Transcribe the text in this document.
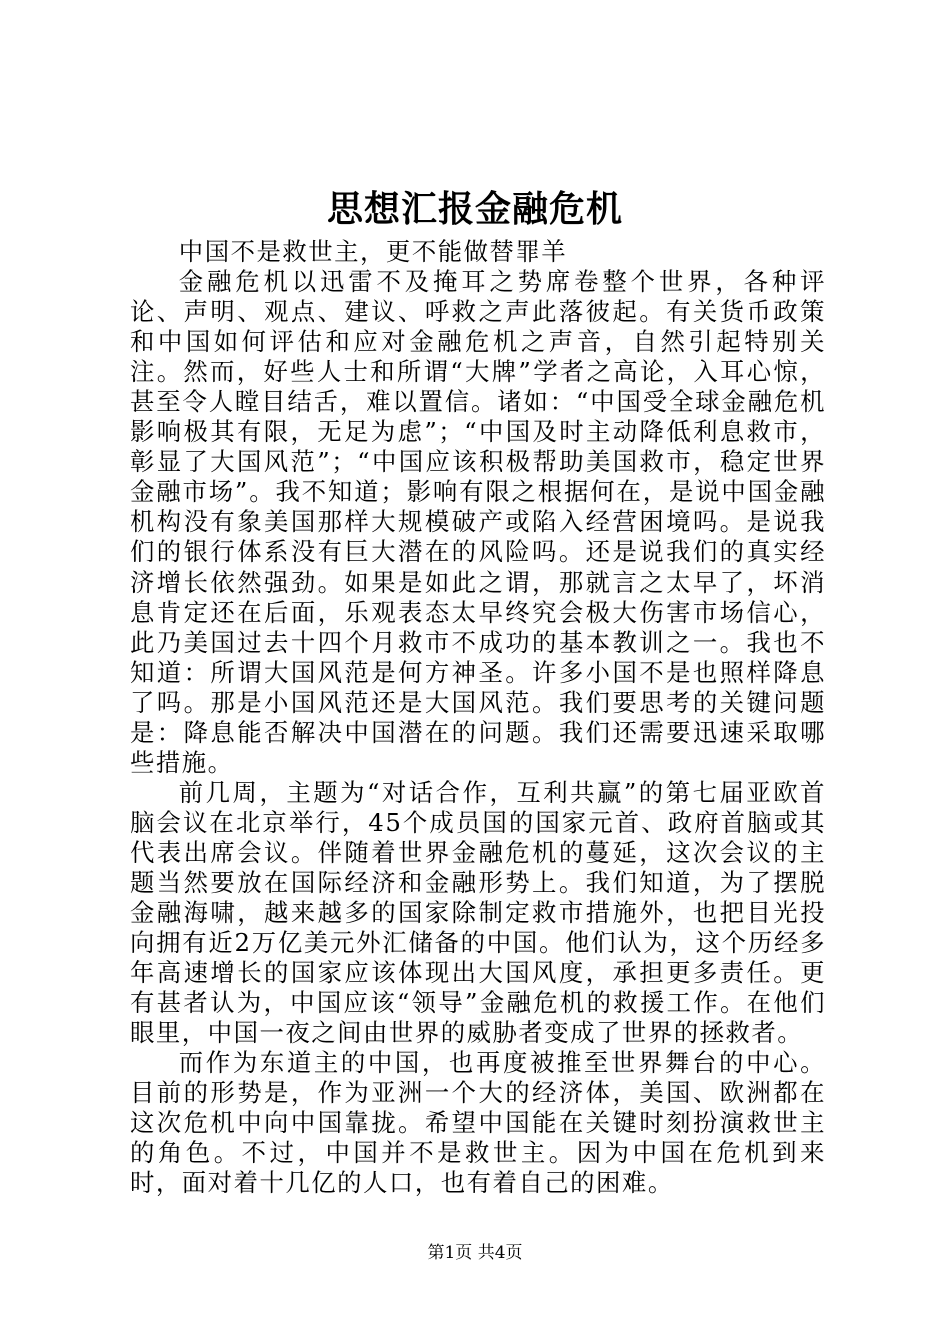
思想汇报金融危机

中国不是救世主，更不能做替罪羊

金融危机以迅雷不及掩耳之势席卷整个世界，各种评论、声明、观点、建议、呼救之声此落彼起。有关货币政策和中国如何评估和应对金融危机之声音，自然引起特别关注。然而，好些人士和所谓“大牌”学者之高论，入耳心惊，甚至令人瞠目结舌，难以置信。诸如：“中国受全球金融危机影响极其有限，无足为虑”；“中国及时主动降低利息救市，彰显了大国风范”；“中国应该积极帮助美国救市，稳定世界金融市场”。我不知道；影响有限之根据何在，是说中国金融机构没有象美国那样大规模破产或陷入经营困境吗。是说我们的银行体系没有巨大潜在的风险吗。还是说我们的真实经济增长依然强劲。如果是如此之谓，那就言之太早了，坏消息肯定还在后面，乐观表态太早终究会极大伤害市场信心，此乃美国过去十四个月救市不成功的基本教训之一。我也不知道：所谓大国风范是何方神圣。许多小国不是也照样降息了吗。那是小国风范还是大国风范。我们要思考的关键问题是：降息能否解决中国潜在的问题。我们还需要迅速采取哪些措施。

前几周，主题为“对话合作，互利共赢”的第七届亚欧首脑会议在北京举行，45个成员国的国家元首、政府首脑或其代表出席会议。伴随着世界金融危机的蔓延，这次会议的主题当然要放在国际经济和金融形势上。我们知道，为了摆脱金融海啸，越来越多的国家除制定救市措施外，也把目光投向拥有近2万亿美元外汇储备的中国。他们认为，这个历经多年高速增长的国家应该体现出大国风度，承担更多责任。更有甚者认为，中国应该“领导”金融危机的救援工作。在他们眼里，中国一夜之间由世界的威胁者变成了世界的拯救者。

而作为东道主的中国，也再度被推至世界舞台的中心。目前的形势是，作为亚洲一个大的经济体，美国、欧洲都在这次危机中向中国靠拢。希望中国能在关键时刻扮演救世主的角色。不过，中国并不是救世主。因为中国在危机到来时，面对着十几亿的人口，也有着自己的困难。

第1页 共4页
